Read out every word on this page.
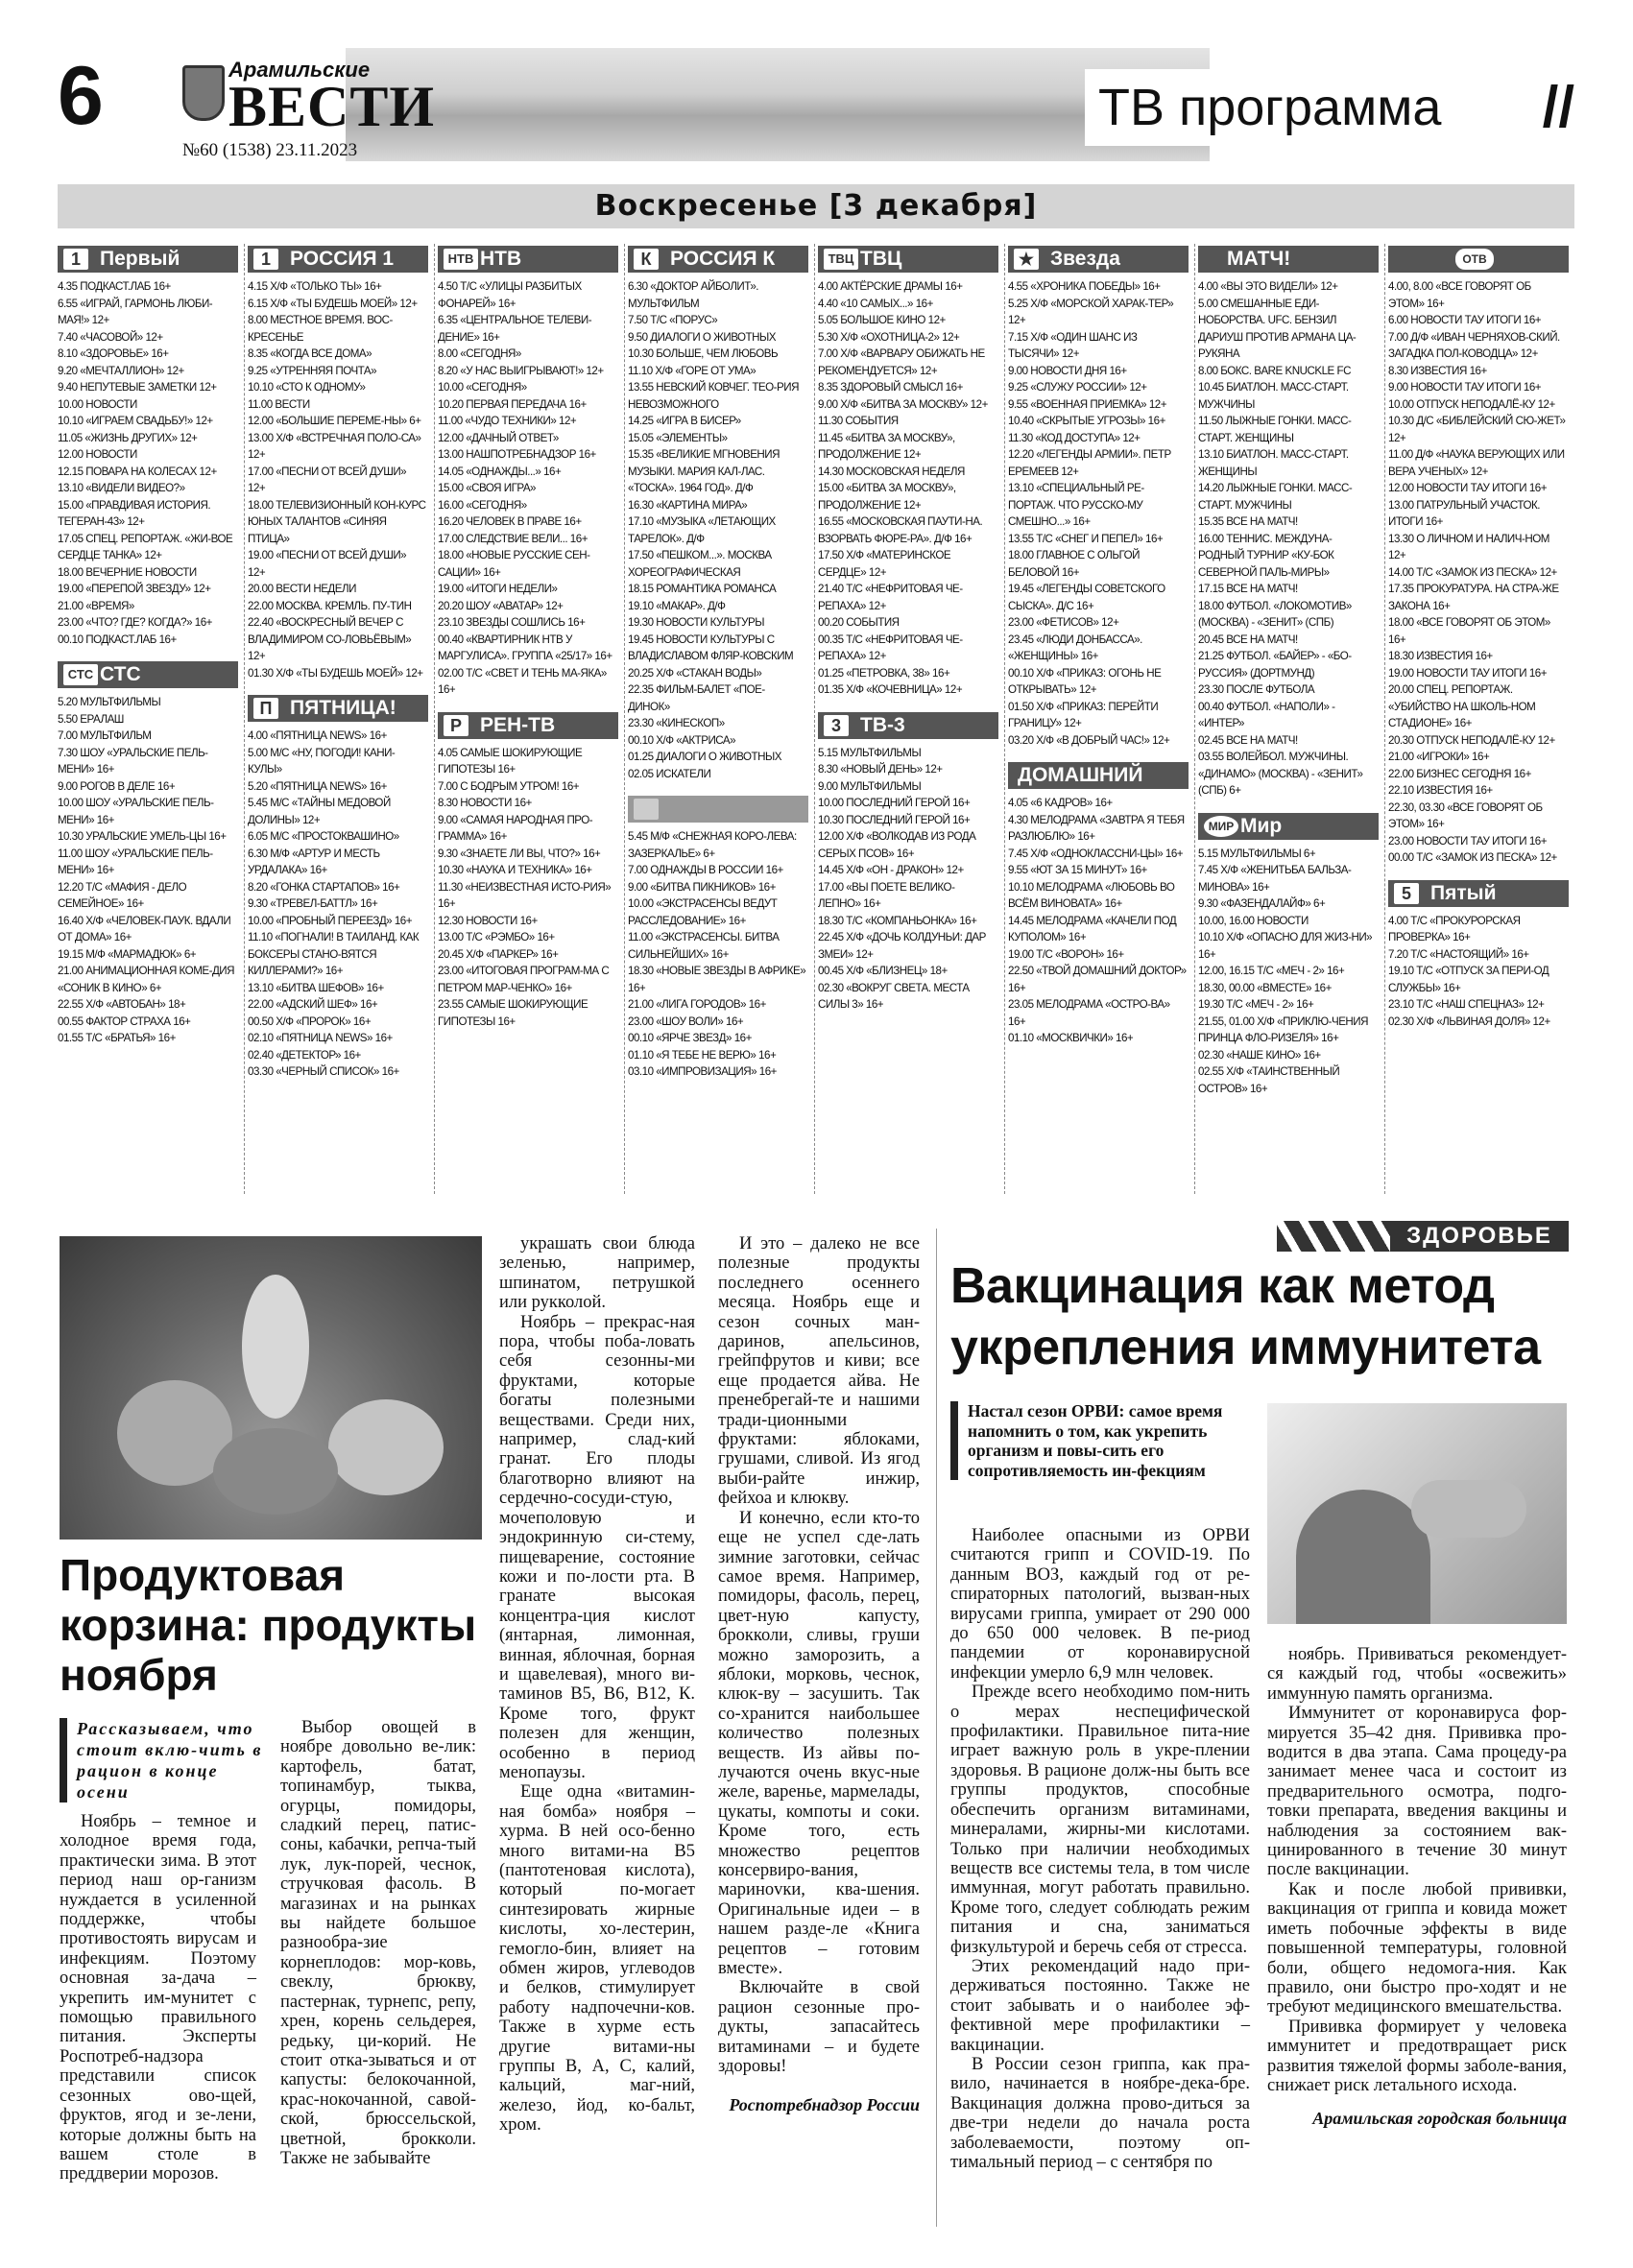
6	Арамильские
ВЕСТИ
№60 (1538) 23.11.2023
ТВ программа	//
Воскресенье [3 декабря]
1 Первый
4.35 ПОДКАСТ.ЛАБ 16+
6.55 «ИГРАЙ, ГАРМОНЬ ЛЮБИ-МАЯ!» 12+
7.40 «ЧАСОВОЙ» 12+
8.10 «ЗДОРОВЬЕ» 16+
9.20 «МЕЧТАЛЛИОН» 12+
9.40 НЕПУТЕВЫЕ ЗАМЕТКИ 12+
10.00 НОВОСТИ
10.10 «ИГРАЕМ СВАДЬБУ!» 12+
11.05 «ЖИЗНЬ ДРУГИХ» 12+
12.00 НОВОСТИ
12.15 ПОВАРА НА КОЛЕСАХ 12+
13.10 «ВИДЕЛИ ВИДЕО?»
15.00 «ПРАВДИВАЯ ИСТОРИЯ. ТЕГЕРАН-43» 12+
17.05 СПЕЦ. РЕПОРТАЖ. «ЖИ-ВОЕ СЕРДЦЕ ТАНКА» 12+
18.00 ВЕЧЕРНИЕ НОВОСТИ
19.00 «ПЕРЕПОЙ ЗВЕЗДУ» 12+
21.00 «ВРЕМЯ»
23.00 «ЧТО? ГДЕ? КОГДА?» 16+
00.10 ПОДКАСТ.ЛАБ 16+
СТС СТС
5.20 МУЛЬТФИЛЬМЫ
5.50 ЕРАЛАШ
7.00 МУЛЬТФИЛЬМ
7.30 ШОУ «УРАЛЬСКИЕ ПЕЛЬ-МЕНИ» 16+
9.00 РОГОВ В ДЕЛЕ 16+
10.00 ШОУ «УРАЛЬСКИЕ ПЕЛЬ-МЕНИ» 16+
10.30 УРАЛЬСКИЕ УМЕЛЬ-ЦЫ 16+
11.00 ШОУ «УРАЛЬСКИЕ ПЕЛЬ-МЕНИ» 16+
12.20 Т/С «МАФИЯ - ДЕЛО СЕМЕЙНОЕ» 16+
16.40 Х/Ф «ЧЕЛОВЕК-ПАУК. ВДАЛИ ОТ ДОМА» 16+
19.15 М/Ф «МАРМАДЮК» 6+
21.00 АНИМАЦИОННАЯ КОМЕ-ДИЯ «СОНИК В КИНО» 6+
22.55 Х/Ф «АВТОБАН» 18+
00.55 ФАКТОР СТРАХА 16+
01.55 Т/С «БРАТЬЯ» 16+
1 РОССИЯ 1
4.15 Х/Ф «ТОЛЬКО ТЫ» 16+
6.15 Х/Ф «ТЫ БУДЕШЬ МОЕЙ» 12+
8.00 МЕСТНОЕ ВРЕМЯ. ВОС-КРЕСЕНЬЕ
8.35 «КОГДА ВСЕ ДОМА»
9.25 «УТРЕННЯЯ ПОЧТА»
10.10 «СТО К ОДНОМУ»
11.00 ВЕСТИ
12.00 «БОЛЬШИЕ ПЕРЕМЕ-НЫ» 6+
13.00 Х/Ф «ВСТРЕЧНАЯ ПОЛО-СА» 12+
17.00 «ПЕСНИ ОТ ВСЕЙ ДУШИ» 12+
18.00 ТЕЛЕВИЗИОННЫЙ КОН-КУРС ЮНЫХ ТАЛАНТОВ «СИНЯЯ ПТИЦА»
19.00 «ПЕСНИ ОТ ВСЕЙ ДУШИ» 12+
20.00 ВЕСТИ НЕДЕЛИ
22.00 МОСКВА. КРЕМЛЬ. ПУ-ТИН
22.40 «ВОСКРЕСНЫЙ ВЕЧЕР С ВЛАДИМИРОМ СО-ЛОВЬЁВЫМ» 12+
01.30 Х/Ф «ТЫ БУДЕШЬ МОЕЙ» 12+
П ПЯТНИЦА!
4.00 «ПЯТНИЦА NEWS» 16+
5.00 М/С «НУ, ПОГОДИ! КАНИ-КУЛЫ»
5.20 «ПЯТНИЦА NEWS» 16+
5.45 М/С «ТАЙНЫ МЕДОВОЙ ДОЛИНЫ» 12+
6.05 М/С «ПРОСТОКВАШИНО»
6.30 М/Ф «АРТУР И МЕСТЬ УРДАЛАКА» 16+
8.20 «ГОНКА СТАРТАПОВ» 16+
9.30 «ТРЕВЕЛ-БАТТЛ» 16+
10.00 «ПРОБНЫЙ ПЕРЕЕЗД» 16+
11.10 «ПОГНАЛИ! В ТАИЛАНД. КАК БОКСЕРЫ СТАНО-ВЯТСЯ КИЛЛЕРАМИ?» 16+
13.10 «БИТВА ШЕФОВ» 16+
22.00 «АДСКИЙ ШЕФ» 16+
00.50 Х/Ф «ПРОРОК» 16+
02.10 «ПЯТНИЦА NEWS» 16+
02.40 «ДЕТЕКТОР» 16+
03.30 «ЧЕРНЫЙ СПИСОК» 16+
НТВ НТВ
4.50 Т/С «УЛИЦЫ РАЗБИТЫХ ФОНАРЕЙ» 16+
6.35 «ЦЕНТРАЛЬНОЕ ТЕЛЕВИ-ДЕНИЕ» 16+
8.00 «СЕГОДНЯ»
8.20 «У НАС ВЫИГРЫВАЮТ!» 12+
10.00 «СЕГОДНЯ»
10.20 ПЕРВАЯ ПЕРЕДАЧА 16+
11.00 «ЧУДО ТЕХНИКИ» 12+
12.00 «ДАЧНЫЙ ОТВЕТ»
13.00 НАШПОТРЕБНАДЗОР 16+
14.05 «ОДНАЖДЫ...» 16+
15.00 «СВОЯ ИГРА»
16.00 «СЕГОДНЯ»
16.20 ЧЕЛОВЕК В ПРАВЕ 16+
17.00 СЛЕДСТВИЕ ВЕЛИ... 16+
18.00 «НОВЫЕ РУССКИЕ СЕН-САЦИИ» 16+
19.00 «ИТОГИ НЕДЕЛИ»
20.20 ШОУ «АВАТАР» 12+
23.10 ЗВЕЗДЫ СОШЛИСЬ 16+
00.40 «КВАРТИРНИК НТВ У МАРГУЛИСА». ГРУППА «25/17» 16+
02.00 Т/С «СВЕТ И ТЕНЬ МА-ЯКА» 16+
Р РЕН-ТВ
4.05 САМЫЕ ШОКИРУЮЩИЕ ГИПОТЕЗЫ 16+
7.00 С БОДРЫМ УТРОМ! 16+
8.30 НОВОСТИ 16+
9.00 «САМАЯ НАРОДНАЯ ПРО-ГРАММА» 16+
9.30 «ЗНАЕТЕ ЛИ ВЫ, ЧТО?» 16+
10.30 «НАУКА И ТЕХНИКА» 16+
11.30 «НЕИЗВЕСТНАЯ ИСТО-РИЯ» 16+
12.30 НОВОСТИ 16+
13.00 Т/С «РЭМБО» 16+
20.45 Х/Ф «ПАРКЕР» 16+
23.00 «ИТОГОВАЯ ПРОГРАМ-МА С ПЕТРОМ МАР-ЧЕНКО» 16+
23.55 САМЫЕ ШОКИРУЮЩИЕ ГИПОТЕЗЫ 16+
К РОССИЯ К
6.30 «ДОКТОР АЙБОЛИТ». МУЛЬТФИЛЬМ
7.50 Т/С «ПОРУС»
9.50 ДИАЛОГИ О ЖИВОТНЫХ
10.30 БОЛЬШЕ, ЧЕМ ЛЮБОВЬ
11.10 Х/Ф «ГОРЕ ОТ УМА»
13.55 НЕВСКИЙ КОВЧЕГ. ТЕО-РИЯ НЕВОЗМОЖНОГО
14.25 «ИГРА В БИСЕР»
15.05 «ЭЛЕМЕНТЫ»
15.35 «ВЕЛИКИЕ МГНОВЕНИЯ МУЗЫКИ. МАРИЯ КАЛ-ЛАС. «ТОСКА». 1964 ГОД». Д/Ф
16.30 «КАРТИНА МИРА»
17.10 «МУЗЫКА «ЛЕТАЮЩИХ ТАРЕЛОК». Д/Ф
17.50 «ПЕШКОМ...». МОСКВА ХОРЕОГРАФИЧЕСКАЯ
18.15 РОМАНТИКА РОМАНСА
19.10 «МАКАР». Д/Ф
19.30 НОВОСТИ КУЛЬТУРЫ
19.45 НОВОСТИ КУЛЬТУРЫ С ВЛАДИСЛАВОМ ФЛЯР-КОВСКИМ
20.25 Х/Ф «СТАКАН ВОДЫ»
22.35 ФИЛЬМ-БАЛЕТ «ПОЕ-ДИНОК»
23.30 «КИНЕСКОП»
00.10 Х/Ф «АКТРИСА»
01.25 ДИАЛОГИ О ЖИВОТНЫХ
02.05 ИСКАТЕЛИ
5.45 М/Ф «СНЕЖНАЯ КОРО-ЛЕВА: ЗАЗЕРКАЛЬЕ» 6+
7.00 ОДНАЖДЫ В РОССИИ 16+
9.00 «БИТВА ПИКНИКОВ» 16+
10.00 «ЭКСТРАСЕНСЫ ВЕДУТ РАССЛЕДОВАНИЕ» 16+
11.00 «ЭКСТРАСЕНСЫ. БИТВА СИЛЬНЕЙШИХ» 16+
18.30 «НОВЫЕ ЗВЕЗДЫ В АФРИКЕ» 16+
21.00 «ЛИГА ГОРОДОВ» 16+
23.00 «ШОУ ВОЛИ» 16+
00.10 «ЯРЧЕ ЗВЕЗД» 16+
01.10 «Я ТЕБЕ НЕ ВЕРЮ» 16+
03.10 «ИМПРОВИЗАЦИЯ» 16+
ТВЦ ТВЦ
4.00 АКТЁРСКИЕ ДРАМЫ 16+
4.40 «10 САМЫХ...» 16+
5.05 БОЛЬШОЕ КИНО 12+
5.30 Х/Ф «ОХОТНИЦА-2» 12+
7.00 Х/Ф «ВАРВАРУ ОБИЖАТЬ НЕ РЕКОМЕНДУЕТСЯ» 12+
8.35 ЗДОРОВЫЙ СМЫСЛ 16+
9.00 Х/Ф «БИТВА ЗА МОСКВУ» 12+
11.30 СОБЫТИЯ
11.45 «БИТВА ЗА МОСКВУ», ПРОДОЛЖЕНИЕ 12+
14.30 МОСКОВСКАЯ НЕДЕЛЯ
15.00 «БИТВА ЗА МОСКВУ», ПРОДОЛЖЕНИЕ 12+
16.55 «МОСКОВСКАЯ ПАУТИ-НА. ВЗОРВАТЬ ФЮРЕ-РА». Д/Ф 16+
17.50 Х/Ф «МАТЕРИНСКОЕ СЕРДЦЕ» 12+
21.40 Т/С «НЕФРИТОВАЯ ЧЕ-РЕПАХА» 12+
00.20 СОБЫТИЯ
00.35 Т/С «НЕФРИТОВАЯ ЧЕ-РЕПАХА» 12+
01.25 «ПЕТРОВКА, 38» 16+
01.35 Х/Ф «КОЧЕВНИЦА» 12+
3 ТВ-3
5.15 МУЛЬТФИЛЬМЫ
8.30 «НОВЫЙ ДЕНЬ» 12+
9.00 МУЛЬТФИЛЬМЫ
10.00 ПОСЛЕДНИЙ ГЕРОЙ 16+
10.30 ПОСЛЕДНИЙ ГЕРОЙ 16+
12.00 Х/Ф «ВОЛКОДАВ ИЗ РОДА СЕРЫХ ПСОВ» 16+
14.45 Х/Ф «ОН - ДРАКОН» 12+
17.00 «ВЫ ПОЕТЕ ВЕЛИКО-ЛЕПНО» 16+
18.30 Т/С «КОМПАНЬОНКА» 16+
22.45 Х/Ф «ДОЧЬ КОЛДУНЬИ: ДАР ЗМЕИ» 12+
00.45 Х/Ф «БЛИЗНЕЦ» 18+
02.30 «ВОКРУГ СВЕТА. МЕСТА СИЛЫ 3» 16+
★ Звезда
4.55 «ХРОНИКА ПОБЕДЫ» 16+
5.25 Х/Ф «МОРСКОЙ ХАРАК-ТЕР» 12+
7.15 Х/Ф «ОДИН ШАНС ИЗ ТЫСЯЧИ» 12+
9.00 НОВОСТИ ДНЯ 16+
9.25 «СЛУЖУ РОССИИ» 12+
9.55 «ВОЕННАЯ ПРИЕМКА» 12+
10.40 «СКРЫТЫЕ УГРОЗЫ» 16+
11.30 «КОД ДОСТУПА» 12+
12.20 «ЛЕГЕНДЫ АРМИИ». ПЕТР ЕРЕМЕЕВ 12+
13.10 «СПЕЦИАЛЬНЫЙ РЕ-ПОРТАЖ. ЧТО РУССКО-МУ СМЕШНО...» 16+
13.55 Т/С «СНЕГ И ПЕПЕЛ» 16+
18.00 ГЛАВНОЕ С ОЛЬГОЙ БЕЛОВОЙ 16+
19.45 «ЛЕГЕНДЫ СОВЕТСКОГО СЫСКА». Д/С 16+
23.00 «ФЕТИСОВ» 12+
23.45 «ЛЮДИ ДОНБАССА». «ЖЕНЩИНЫ» 16+
00.10 Х/Ф «ПРИКАЗ: ОГОНЬ НЕ ОТКРЫВАТЬ» 12+
01.50 Х/Ф «ПРИКАЗ: ПЕРЕЙТИ ГРАНИЦУ» 12+
03.20 Х/Ф «В ДОБРЫЙ ЧАС!» 12+
ДОМАШНИЙ
4.05 «6 КАДРОВ» 16+
4.30 МЕЛОДРАМА «ЗАВТРА Я ТЕБЯ РАЗЛЮБЛЮ» 16+
7.45 Х/Ф «ОДНОКЛАССНИ-ЦЫ» 16+
9.55 «ЮТ ЗА 15 МИНУТ» 16+
10.10 МЕЛОДРАМА «ЛЮБОВЬ ВО ВСЁМ ВИНОВАТА» 16+
14.45 МЕЛОДРАМА «КАЧЕЛИ ПОД КУПОЛОМ» 16+
19.00 Т/С «ВОРОН» 16+
22.50 «ТВОЙ ДОМАШНИЙ ДОКТОР» 16+
23.05 МЕЛОДРАМА «ОСТРО-ВА» 16+
01.10 «МОСКВИЧКИ» 16+
МАТЧ!
4.00 «ВЫ ЭТО ВИДЕЛИ» 12+
5.00 СМЕШАННЫЕ ЕДИ-НОБОРСТВА. UFC. БЕНЗИЛ ДАРИУШ ПРОТИВ АРМАНА ЦА-РУКЯНА
8.00 БОКС. BARE KNUCKLE FC
10.45 БИАТЛОН. МАСС-СТАРТ. МУЖЧИНЫ
11.50 ЛЫЖНЫЕ ГОНКИ. МАСС-СТАРТ. ЖЕНЩИНЫ
13.10 БИАТЛОН. МАСС-СТАРТ. ЖЕНЩИНЫ
14.20 ЛЫЖНЫЕ ГОНКИ. МАСС-СТАРТ. МУЖЧИНЫ
15.35 ВСЕ НА МАТЧ!
16.00 ТЕННИС. МЕЖДУНА-РОДНЫЙ ТУРНИР «КУ-БОК СЕВЕРНОЙ ПАЛЬ-МИРЫ»
17.15 ВСЕ НА МАТЧ!
18.00 ФУТБОЛ. «ЛОКОМОТИВ» (МОСКВА) - «ЗЕНИТ» (СПБ)
20.45 ВСЕ НА МАТЧ!
21.25 ФУТБОЛ. «БАЙЕР» - «БО-РУССИЯ» (ДОРТМУНД)
23.30 ПОСЛЕ ФУТБОЛА
00.40 ФУТБОЛ. «НАПОЛИ» - «ИНТЕР»
02.45 ВСЕ НА МАТЧ!
03.55 ВОЛЕЙБОЛ. МУЖЧИНЫ. «ДИНАМО» (МОСКВА) - «ЗЕНИТ» (СПБ) 6+
МИР Мир
5.15 МУЛЬТФИЛЬМЫ 6+
7.45 Х/Ф «ЖЕНИТЬБА БАЛЬЗА-МИНОВА» 16+
9.30 «ФАЗЕНДАЛАЙФ» 6+
10.00, 16.00 НОВОСТИ
10.10 Х/Ф «ОПАСНО ДЛЯ ЖИЗ-НИ» 16+
12.00, 16.15 Т/С «МЕЧ - 2» 16+
18.30, 00.00 «ВМЕСТЕ» 16+
19.30 Т/С «МЕЧ - 2» 16+
21.55, 01.00 Х/Ф «ПРИКЛЮ-ЧЕНИЯ ПРИНЦА ФЛО-РИЗЕЛЯ» 16+
02.30 «НАШЕ КИНО» 16+
02.55 Х/Ф «ТАИНСТВЕННЫЙ ОСТРОВ» 16+
ОТВ
4.00, 8.00 «ВСЕ ГОВОРЯТ ОБ ЭТОМ» 16+
6.00 НОВОСТИ ТАУ ИТОГИ 16+
7.00 Д/Ф «ИВАН ЧЕРНЯХОВ-СКИЙ. ЗАГАДКА ПОЛ-КОВОДЦА» 12+
8.30 ИЗВЕСТИЯ 16+
9.00 НОВОСТИ ТАУ ИТОГИ 16+
10.00 ОТПУСК НЕПОДАЛЁ-КУ 12+
10.30 Д/С «БИБЛЕЙСКИЙ СЮ-ЖЕТ» 12+
11.00 Д/Ф «НАУКА ВЕРУЮЩИХ ИЛИ ВЕРА УЧЕНЫХ» 12+
12.00 НОВОСТИ ТАУ ИТОГИ 16+
13.00 ПАТРУЛЬНЫЙ УЧАСТОК. ИТОГИ 16+
13.30 О ЛИЧНОМ И НАЛИЧ-НОМ 12+
14.00 Т/С «ЗАМОК ИЗ ПЕСКА» 12+
17.35 ПРОКУРАТУРА. НА СТРА-ЖЕ ЗАКОНА 16+
18.00 «ВСЕ ГОВОРЯТ ОБ ЭТОМ» 16+
18.30 ИЗВЕСТИЯ 16+
19.00 НОВОСТИ ТАУ ИТОГИ 16+
20.00 СПЕЦ. РЕПОРТАЖ. «УБИЙСТВО НА ШКОЛЬ-НОМ СТАДИОНЕ» 16+
20.30 ОТПУСК НЕПОДАЛЁ-КУ 12+
21.00 «ИГРОКИ» 16+
22.00 БИЗНЕС СЕГОДНЯ 16+
22.10 ИЗВЕСТИЯ 16+
22.30, 03.30 «ВСЕ ГОВОРЯТ ОБ ЭТОМ» 16+
23.00 НОВОСТИ ТАУ ИТОГИ 16+
00.00 Т/С «ЗАМОК ИЗ ПЕСКА» 12+
5 Пятый
4.00 Т/С «ПРОКУРОРСКАЯ ПРОВЕРКА» 16+
7.20 Т/С «НАСТОЯЩИЙ» 16+
19.10 Т/С «ОТПУСК ЗА ПЕРИ-ОД СЛУЖБЫ» 16+
23.10 Т/С «НАШ СПЕЦНАЗ» 12+
02.30 Х/Ф «ЛЬВИНАЯ ДОЛЯ» 12+
Продуктовая корзина: продукты ноября
Рассказываем, что стоит вклю-чить в рацион в конце осени

Ноябрь – темное и холодное время года, практически зима. В этот период наш ор-ганизм нуждается в усиленной поддержке, чтобы противостоять вирусам и инфекциям. Поэтому основная за-дача – укрепить им-мунитет с помощью правильного питания. Эксперты Роспотреб-надзора представили список сезонных ово-щей, фруктов, ягод и зе-лени, которые должны быть на вашем столе в преддверии морозов.

Выбор овощей в ноябре довольно ве-лик: картофель, батат, топинамбур, тыква, огурцы, помидоры, сладкий перец, патис-соны, кабачки, репча-тый лук, лук-порей, чеснок, стручковая фасоль. В магазинах и на рынках вы найдете большое разнообра-зие корнеплодов: мор-ковь, свеклу, брюкву, пастернак, турнепс, репу, хрен, корень сельдерея, редьку, ци-корий. Не стоит отка-зываться и от капусты: белокочанной, крас-нокочанной, савой-ской, брюссельской, цветной, брокколи. Также не забывайте

украшать свои блюда зеленью, например, шпинатом, петрушкой или рукколой.

Ноябрь – прекрас-ная пора, чтобы поба-ловать себя сезонны-ми фруктами, которые богаты полезными веществами. Среди них, например, слад-кий гранат. Его плоды благотворно влияют на сердечно-сосуди-стую, мочеполовую и эндокринную си-стему, пищеварение, состояние кожи и по-лости рта. В гранате высокая концентра-ция кислот (янтарная, лимонная, винная, яблочная, борная и щавелевая), много ви-таминов В5, В6, В12, К. Кроме того, фрукт полезен для женщин, особенно в период менопаузы.

Еще одна «витамин-ная бомба» ноября – хурма. В ней осо-бенно много витами-на В5 (пантотеновая кислота), который по-могает синтезировать жирные кислоты, хо-лестерин, гемогло-бин, влияет на обмен жиров, углеводов и белков, стимулирует работу надпочечни-ков. Также в хурме есть другие витами-ны группы В, А, С, калий, кальций, маг-ний, железо, йод, ко-бальт, хром.

И это – далеко не все полезные продукты последнего осеннего месяца. Ноябрь еще и сезон сочных ман-даринов, апельсинов, грейпфрутов и киви; все еще продается айва. Не пренебрегай-те и нашими тради-ционными фруктами: яблоками, грушами, сливой. Из ягод выби-райте инжир, фейхоа и клюкву.

И конечно, если кто-то еще не успел сде-лать зимние заготовки, сейчас самое время. Например, помидоры, фасоль, перец, цвет-ную капусту, брокколи, сливы, груши можно заморозить, а яблоки, морковь, чеснок, клюк-ву – засушить. Так со-хранится наибольшее количество полезных веществ. Из айвы по-лучаются очень вкус-ные желе, варенье, мармелады, цукаты, компоты и соки. Кроме того, есть множество рецептов консервиро-вания, маринovки, ква-шения. Оригинальные идеи – в нашем разде-ле «Книга рецептов – готовим вместе».

Включайте в свой рацион сезонные про-дукты, запасайтесь витаминами – и будете здоровы!

Роспотребнадзор России
ЗДОРОВЬЕ
Вакцинация как метод укрепления иммунитета
Настал сезон ОРВИ: самое время напомнить о том, как укрепить организм и повы-сить его сопротивляемость ин-фекциям

Наиболее опасными из ОРВИ считаются грипп и COVID-19. По данным ВОЗ, каждый год от ре-спираторных патологий, вызван-ных вирусами гриппа, умирает от 290 000 до 650 000 человек. В пе-риод пандемии от коронавирусной инфекции умерло 6,9 млн человек.

Прежде всего необходимо пом-нить о мерах неспецифической профилактики. Правильное пита-ние играет важную роль в укре-плении здоровья. В рационе долж-ны быть все группы продуктов, способные обеспечить организм витаминами, минералами, жирны-ми кислотами. Только при наличии необходимых веществ все системы тела, в том числе иммунная, могут работать правильно. Кроме того, следует соблюдать режим питания и сна, заниматься физкультурой и беречь себя от стресса.

Этих рекомендаций надо при-держиваться постоянно. Также не стоит забывать и о наиболее эф-фективной мере профилактики – вакцинации.

В России сезон гриппа, как пра-вило, начинается в ноябре-дека-бре. Вакцинация должна прово-диться за две-три недели до начала роста заболеваемости, поэтому оп-тимальный период – с сентября по

ноябрь. Прививаться рекомендует-ся каждый год, чтобы «освежить» иммунную память организма.

Иммунитет от коронавируса фор-мируется 35–42 дня. Прививка про-водится в два этапа. Сама процеду-ра занимает менее часа и состоит из предварительного осмотра, подго-товки препарата, введения вакцины и наблюдения за состоянием вак-цинированного в течение 30 минут после вакцинации.

Как и после любой прививки, вакцинация от гриппа и ковида может иметь побочные эффекты в виде повышенной температуры, головной боли, общего недомога-ния. Как правило, они быстро про-ходят и не требуют медицинского вмешательства.

Прививка формирует у человека иммунитет и предотвращает риск развития тяжелой формы заболе-вания, снижает риск летального исхода.

Арамильская городская больница
